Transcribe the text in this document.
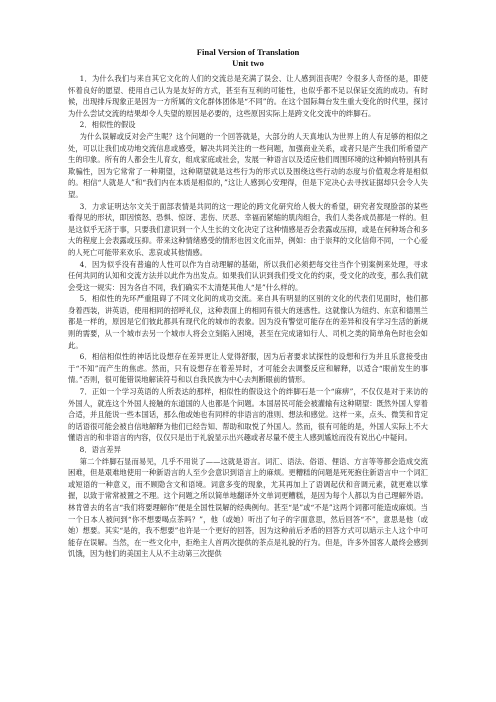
Final Version of Translation

Unit two

1．为什么我们与来自其它文化的人们的交流总是充满了误会、让人感到沮丧呢？令很多人奇怪的是，即使怀着良好的愿望、使用自己认为是友好的方式，甚至有互利的可能性，也似乎都不足以保证交流的成功。有时候，出现排斥现象正是因为一方所属的文化群体团体是“不同”的。在这个国际舞台发生重大变化的时代里，探讨为什么尝试交流的结果却令人失望的原因是必要的，这些原因实际上是跨文化交流中的绊脚石。

2．相似性的假设

为什么误解或反对会产生呢？这个问题的一个回答就是，大部分的人天真地认为世界上的人有足够的相似之处，可以让我们成功地交流信息或感受，解决共同关注的一些问题，加强商业关系，或者只是产生我们所希望产生的印象。所有的人都会生儿育女，组成家庭或社会，发展一种语言以及适应他们周围环境的这种倾向特别具有欺骗性，因为它常常了一种期望，这种期望就是这些行为的形式以及围绕这些行动的态度与价值观念将是相似的。相信“人就是人”和“我们内在本质是相似的，”这让人感到心安理得，但是下定决心去寻找证据却只会令人失望。

3．力求证明达尔文关于面部表情是共同的这一理论的跨文化研究给人极大的希望，研究者发现脸部的某些看得见的形状，即因愤怒、恐惧、惊讶、悲伤、厌恶、幸福而紧缩的肌肉组合，我们人类各成员都是一样的。但是这似乎无济于事，只要我们意识到一个人生长的文化决定了这种情感是否会表露或压抑，或是在何种场合和多大的程度上会表露或压抑。带来这种情绪感受的情形也因文化而异，例如：由于崇拜的文化信仰不同，一个心爱的人死亡可能带来欢乐、悲哀或其他情感。

4．因为似乎没有普遍的人性可以作为自动理解的基础，所以我们必须把每交往当作个别案例来处理，寻求任何共同的认知和交流方法并以此作为出发点。如果我们认识到我们受文化的约束，受文化的改变，那么我们就会受这一规实：因为各自不同，我们确实不太清楚其他人“是”什么样的。

5．相似性的先环严重阻碍了不同文化间的成功交流。来自具有明显的区别的文化的代表们见面时，他们都身着西装，讲英语，使用相同的招呼礼仪，这种表面上的相同有很大的迷惑性。这就像认为纽约、东京和德黑兰都是一样的，原因是它们彼此都具有现代化的城市的表象。因为没有警觉可能存在的差异和没有学习生活的新规则的需要，从一个城市去另一个城市人将会立刻陷入困境，甚至在完成诸如行人、司机之类的简单角色时也会如此。

6．相信相似性的神话比设想存在差异更让人觉得舒服，因为后者要求试探性的设想和行为并且乐意接受由于“不知”而产生的焦虑。然而，只有设想存在着差异时，才可能会去调整反应和解释，以适合“眼前发生的事情。”否则，很可能错误地解读符号和以自我民族为中心去判断眼前的情形。

7．正如一个学习英语的人所表达的那样，相似性的假设这个的绊脚石是一个“麻痹”，不仅仅是对于来访的外国人，就连这个外国人接触的东道国的人也都是个问题。本国居民可能会被灌输有这种期望：既然外国人穿着合适，并且能说一些本国话，那么他或她也有同样的非语言的准则、想法和感觉。这样一来，点头、微笑和肯定的话语很可能会被自信地解释为他们已经告知、帮助和取悦了外国人。然而，很有可能的是，外国人实际上不大懂语言的和非语言的内容，仅仅只是出于礼貌显示出兴趣或者尽量不使主人感到尴尬而没有说出心中疑问。

8．语言差异

第二个绊脚石显而易见，几乎不用说了——这就是语言。词汇、语法、俗语、俚语、方言等等都会造成交流困难，但是艰难地使用一种新语言的人至少会意识到语言上的麻烦。更糟糕的问题是死死抱住新语言中一个词汇或短语的一种意义，而不顾隐含文和语境。词意多变的现象，尤其再加上了语调起伏和音调元素，就更难以掌握，以致于常常被置之不理。这个问题之所以简单地翻译外文单词更糟糕，是因为每个人都以为自己理解外语。林肯曾去的名言“我们将要理解你”便是全国性误解的经典例句。甚至“是”或“不是”这两个词都可能造成麻烦。当一个日本人被问到“你不想要喝点茶吗？”，他（或她）听出了句子的字面意思，然后回答“不”，意思是他（或她）想要。其实“是的，我不想要”也许是一个更好的回答，因为这种前后矛盾的回答方式可以暗示主人这个中可能存在误解。当然，在一些文化中，拒绝主人首两次提供的茶点是礼貌的行为。但是，许多外国客人最终会感到饥饿，因为他们的美国主人从不主动第三次提供
